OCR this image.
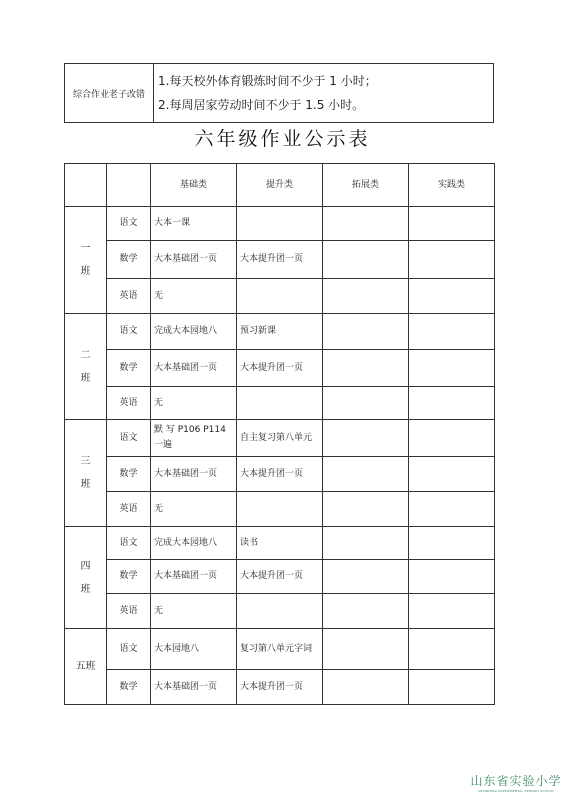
综合作业老子改错	
1.每天校外体育锻炼时间不少于 1 小时；
2.每周居家劳动时间不少于 1.5 小时。
六年级作业公示表
		基础类	提升类	拓展类	实践类

一
班	语文	大本一课			
	数学	大本基础团一页	大本提升团一页		
	英语	无			

二
班	语文	完成大本园地八	预习新课		
	数学	大本基础团一页	大本提升团一页		
	英语	无			

三
班	语文	默 写 P106 P114 一遍	自主复习第八单元		
	数学	大本基础团一页	大本提升团一页		
	英语	无			

四
班	语文	完成大本园地八	读书		
	数学	大本基础团一页	大本提升团一页		
	英语	无			

五班	语文	大本园地八	复习第八单元字词		
	数学	大本基础团一页	大本提升团一页		
山东省实验小学
SHANDONG EXPERIMENTAL PRIMARY SCHOOL
